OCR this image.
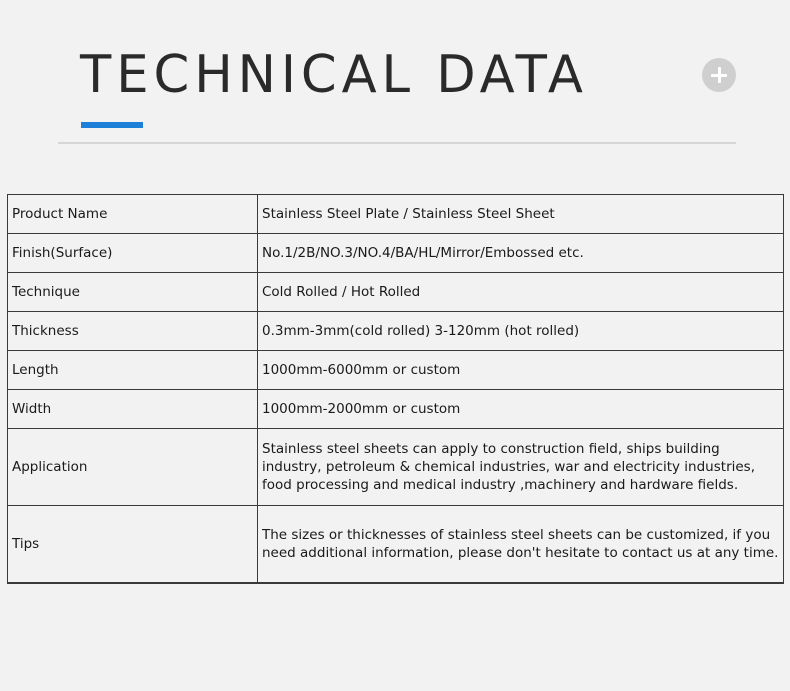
TECHNICAL DATA
Product Name	Stainless Steel Plate / Stainless Steel Sheet
Finish(Surface)	No.1/2B/NO.3/NO.4/BA/HL/Mirror/Embossed etc.
Technique	Cold Rolled / Hot Rolled
Thickness	0.3mm-3mm(cold rolled) 3-120mm (hot rolled)
Length	1000mm-6000mm or custom
Width	1000mm-2000mm or custom
Application	Stainless steel sheets can apply to construction field, ships building industry, petroleum & chemical industries, war and electricity industries, food processing and medical industry ,machinery and hardware fields.
Tips	The sizes or thicknesses of stainless steel sheets can be customized, if you need additional information, please don't hesitate to contact us at any time.
